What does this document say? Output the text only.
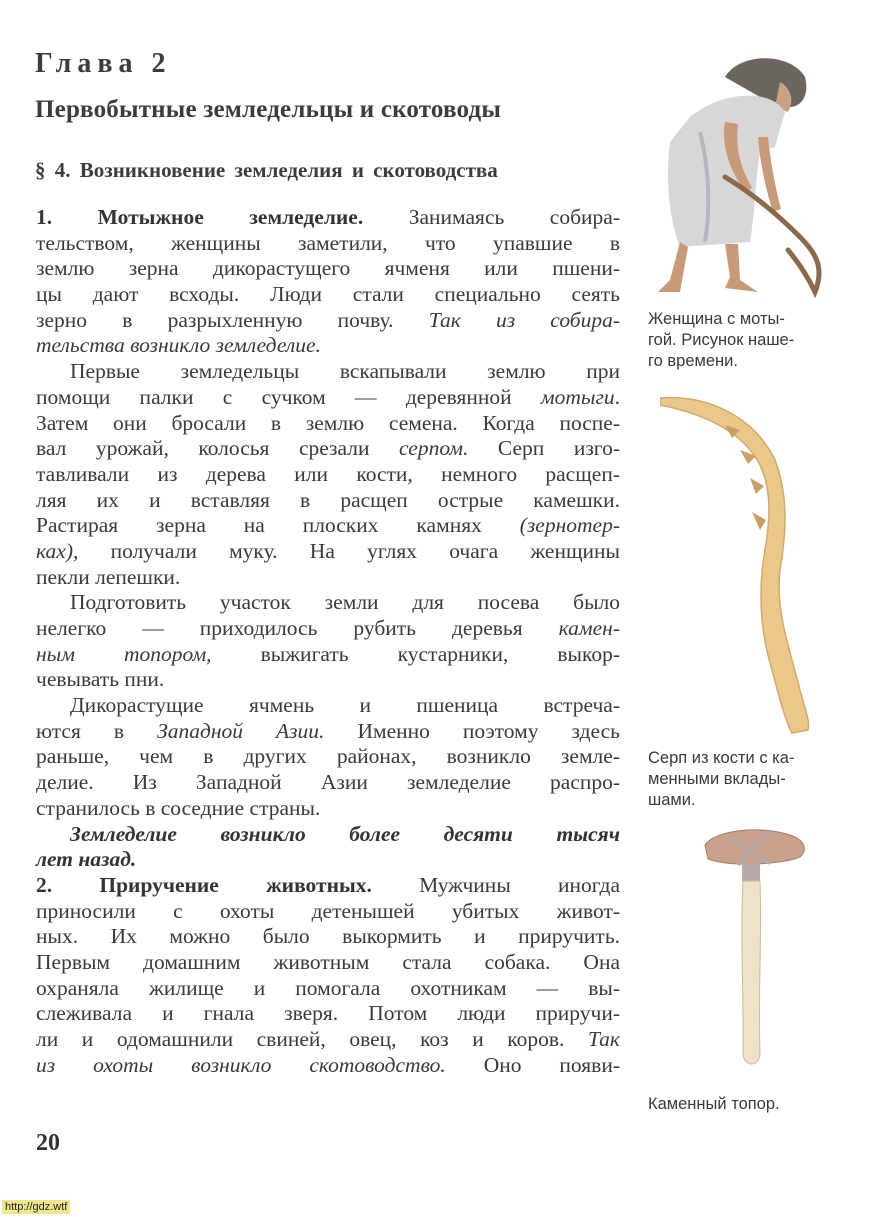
Глава 2
Первобытные земледельцы и скотоводы
§ 4. Возникновение земледелия и скотоводства
1. Мотыжное земледелие. Занимаясь собира-
тельством, женщины заметили, что упавшие в
землю зерна дикорастущего ячменя или пшени-
цы дают всходы. Люди стали специально сеять
зерно в разрыхленную почву. Так из собира-
тельства возникло земледелие.
Первые земледельцы вскапывали землю при
помощи палки с сучком — деревянной мотыги.
Затем они бросали в землю семена. Когда поспе-
вал урожай, колосья срезали серпом. Серп изго-
тавливали из дерева или кости, немного расщеп-
ляя их и вставляя в расщеп острые камешки.
Растирая зерна на плоских камнях (зернотер-
ках), получали муку. На углях очага женщины
пекли лепешки.
Подготовить участок земли для посева было
нелегко — приходилось рубить деревья камен-
ным топором, выжигать кустарники, выкор-
чевывать пни.
Дикорастущие ячмень и пшеница встреча-
ются в Западной Азии. Именно поэтому здесь
раньше, чем в других районах, возникло земле-
делие. Из Западной Азии земледелие распро-
странилось в соседние страны.
Земледелие возникло более десяти тысяч
лет назад.
2. Приручение животных. Мужчины иногда
приносили с охоты детенышей убитых живот-
ных. Их можно было выкормить и приручить.
Первым домашним животным стала собака. Она
охраняла жилище и помогала охотникам — вы-
слеживала и гнала зверя. Потом люди приручи-
ли и одомашнили свиней, овец, коз и коров. Так
из охоты возникло скотоводство. Оно появи-
Женщина с моты-
гой. Рисунок наше-
го времени.
Серп из кости с ка-
менными вклады-
шами.
Каменный топор.
20
http://gdz.wtf
